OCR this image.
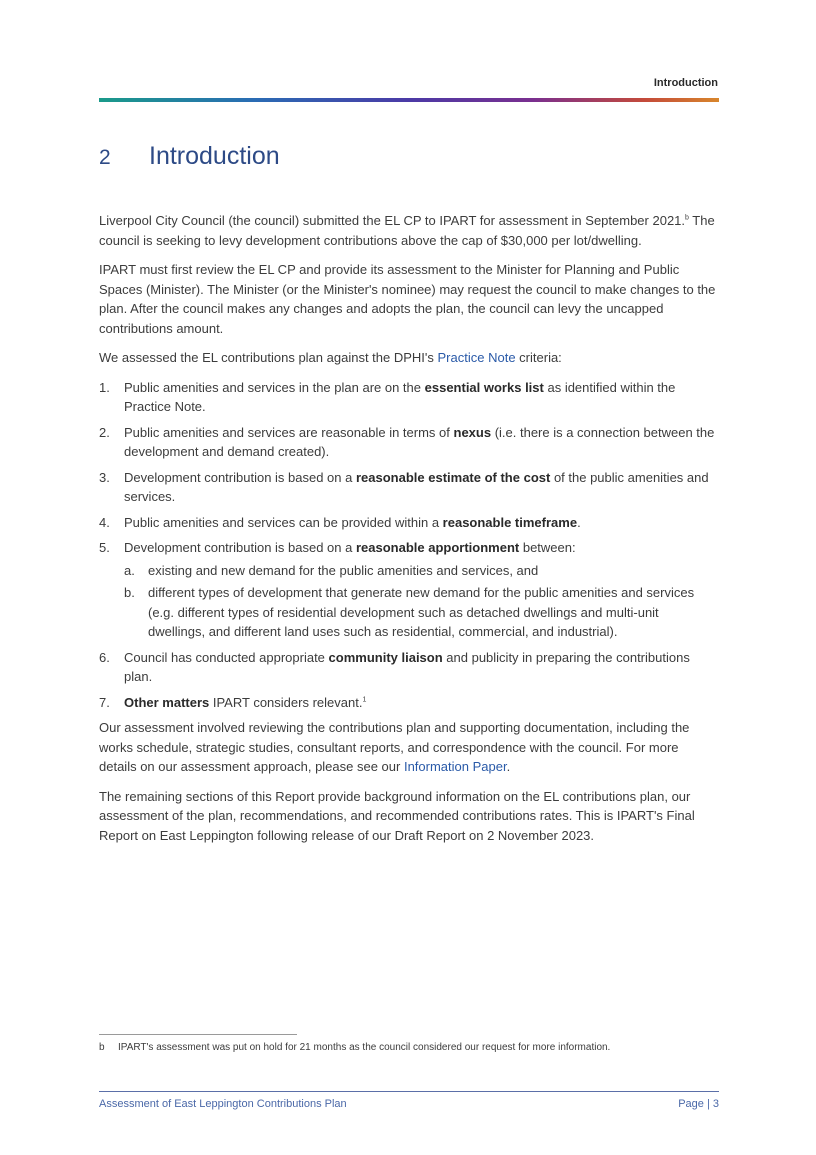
Introduction
2	Introduction

Liverpool City Council (the council) submitted the EL CP to IPART for assessment in September 2021.$^b$ The council is seeking to levy development contributions above the cap of $30,000 per lot/dwelling.

IPART must first review the EL CP and provide its assessment to the Minister for Planning and Public Spaces (Minister). The Minister (or the Minister's nominee) may request the council to make changes to the plan. After the council makes any changes and adopts the plan, the council can levy the uncapped contributions amount.

We assessed the EL contributions plan against the DPHI's Practice Note criteria:

1. Public amenities and services in the plan are on the essential works list as identified within the Practice Note.
2. Public amenities and services are reasonable in terms of nexus (i.e. there is a connection between the development and demand created).
3. Development contribution is based on a reasonable estimate of the cost of the public amenities and services.
4. Public amenities and services can be provided within a reasonable timeframe.
5. Development contribution is based on a reasonable apportionment between:
a. existing and new demand for the public amenities and services, and
b. different types of development that generate new demand for the public amenities and services (e.g. different types of residential development such as detached dwellings and multi-unit dwellings, and different land uses such as residential, commercial, and industrial).
6. Council has conducted appropriate community liaison and publicity in preparing the contributions plan.
7. Other matters IPART considers relevant.$^1$

Our assessment involved reviewing the contributions plan and supporting documentation, including the works schedule, strategic studies, consultant reports, and correspondence with the council. For more details on our assessment approach, please see our Information Paper.

The remaining sections of this Report provide background information on the EL contributions plan, our assessment of the plan, recommendations, and recommended contributions rates. This is IPART's Final Report on East Leppington following release of our Draft Report on 2 November 2023.

b	IPART's assessment was put on hold for 21 months as the council considered our request for more information.
Assessment of East Leppington Contributions Plan	Page | 3
